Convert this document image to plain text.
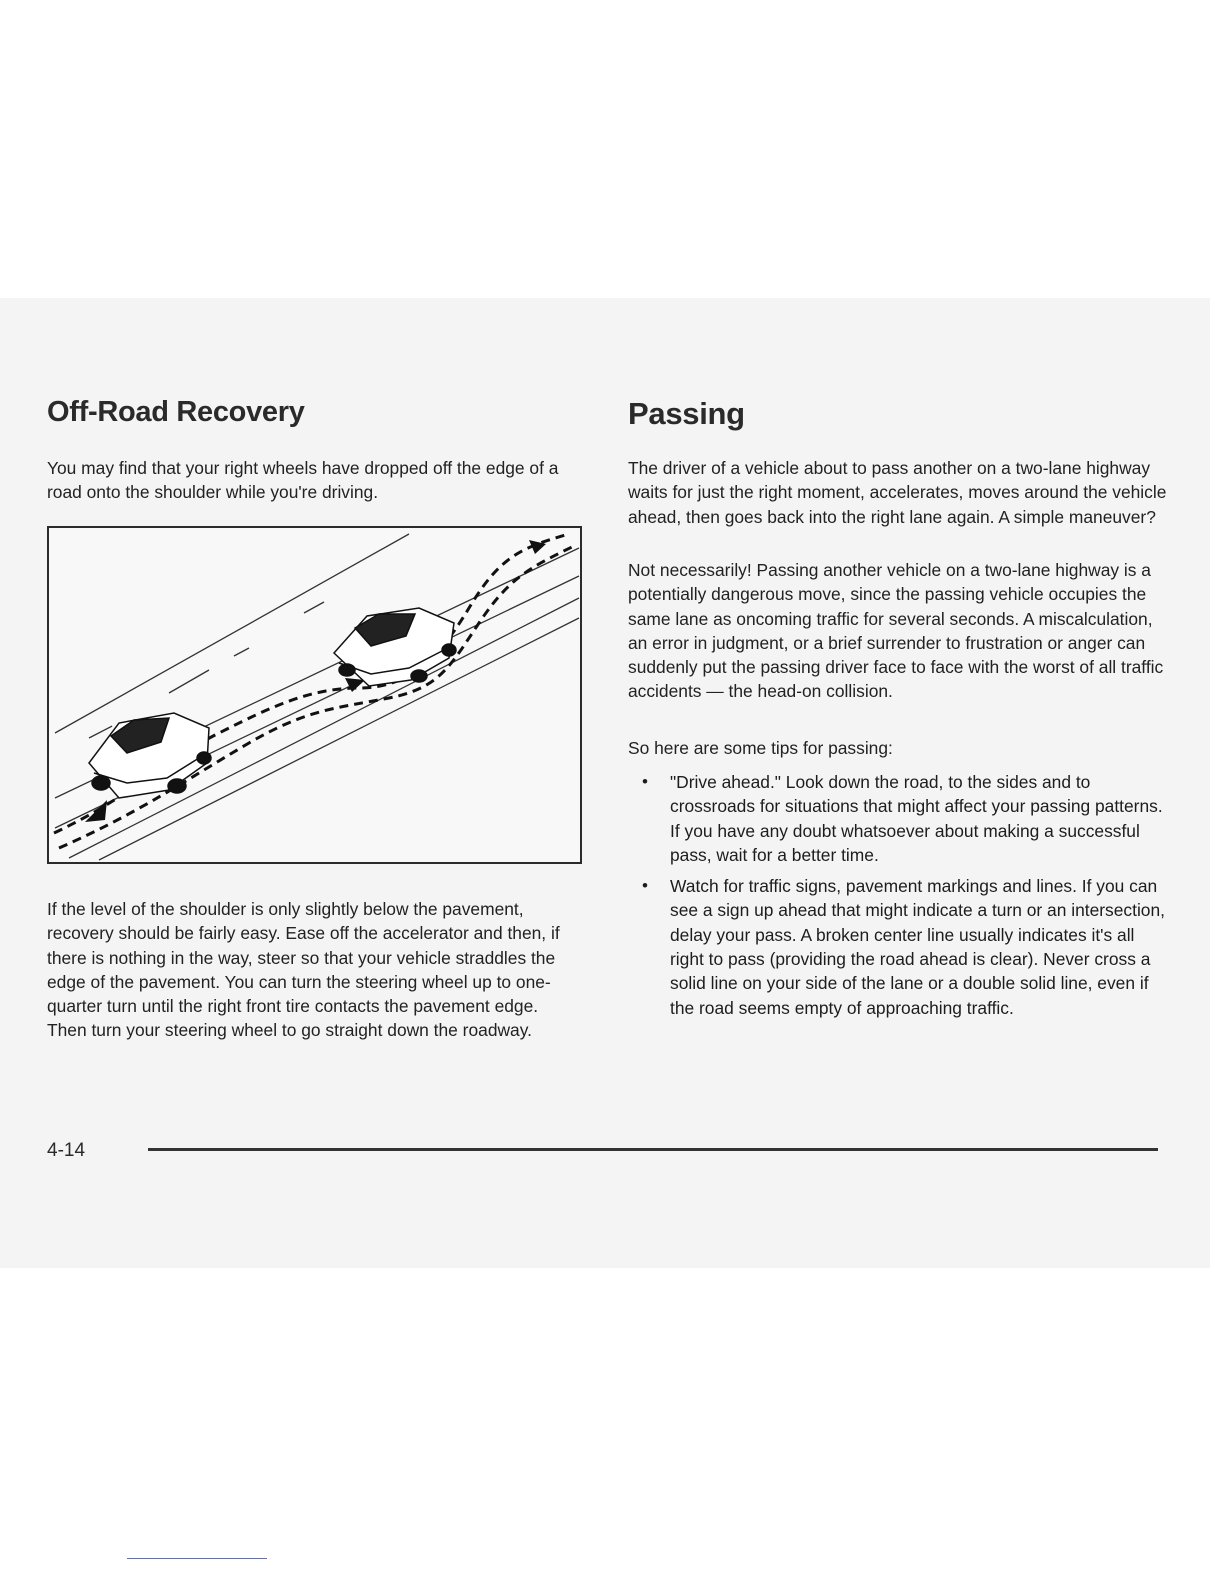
Off-Road Recovery

You may find that your right wheels have dropped off the edge of a road onto the shoulder while you're driving.

If the level of the shoulder is only slightly below the pavement, recovery should be fairly easy. Ease off the accelerator and then, if there is nothing in the way, steer so that your vehicle straddles the edge of the pavement. You can turn the steering wheel up to one-quarter turn until the right front tire contacts the pavement edge. Then turn your steering wheel to go straight down the roadway.

Passing

The driver of a vehicle about to pass another on a two-lane highway waits for just the right moment, accelerates, moves around the vehicle ahead, then goes back into the right lane again. A simple maneuver?

Not necessarily! Passing another vehicle on a two-lane highway is a potentially dangerous move, since the passing vehicle occupies the same lane as oncoming traffic for several seconds. A miscalculation, an error in judgment, or a brief surrender to frustration or anger can suddenly put the passing driver face to face with the worst of all traffic accidents — the head-on collision.

So here are some tips for passing:

• "Drive ahead." Look down the road, to the sides and to crossroads for situations that might affect your passing patterns. If you have any doubt whatsoever about making a successful pass, wait for a better time.
• Watch for traffic signs, pavement markings and lines. If you can see a sign up ahead that might indicate a turn or an intersection, delay your pass. A broken center line usually indicates it's all right to pass (providing the road ahead is clear). Never cross a solid line on your side of the lane or a double solid line, even if the road seems empty of approaching traffic.
4-14
